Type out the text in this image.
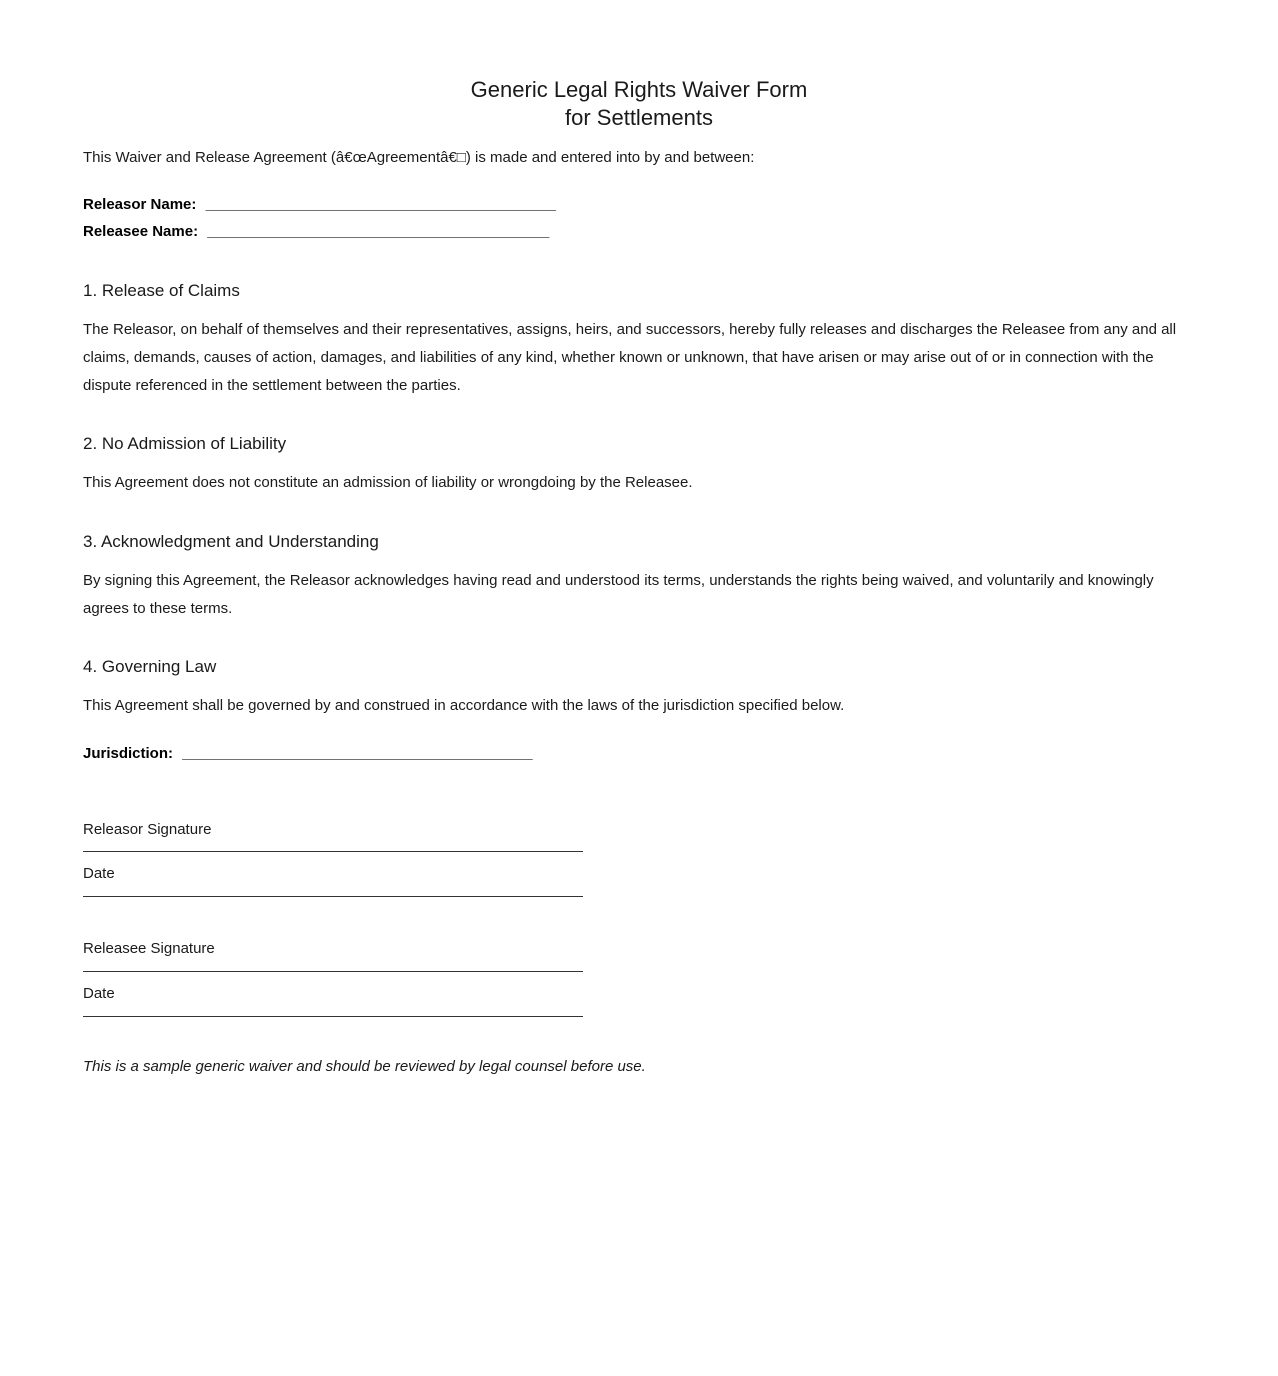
Generic Legal Rights Waiver Form
for Settlements

This Waiver and Release Agreement (â€œAgreementâ€□) is made and entered into by and between:

Releasor Name: __________________________________________
Releasee Name: _________________________________________
1. Release of Claims

The Releasor, on behalf of themselves and their representatives, assigns, heirs, and successors, hereby fully releases and discharges the Releasee from any and all claims, demands, causes of action, damages, and liabilities of any kind, whether known or unknown, that have arisen or may arise out of or in connection with the dispute referenced in the settlement between the parties.

2. No Admission of Liability

This Agreement does not constitute an admission of liability or wrongdoing by the Releasee.

3. Acknowledgment and Understanding

By signing this Agreement, the Releasor acknowledges having read and understood its terms, understands the rights being waived, and voluntarily and knowingly agrees to these terms.

4. Governing Law

This Agreement shall be governed by and construed in accordance with the laws of the jurisdiction specified below.

Jurisdiction: __________________________________________
Releasor Signature
Date
Releasee Signature
Date

This is a sample generic waiver and should be reviewed by legal counsel before use.
